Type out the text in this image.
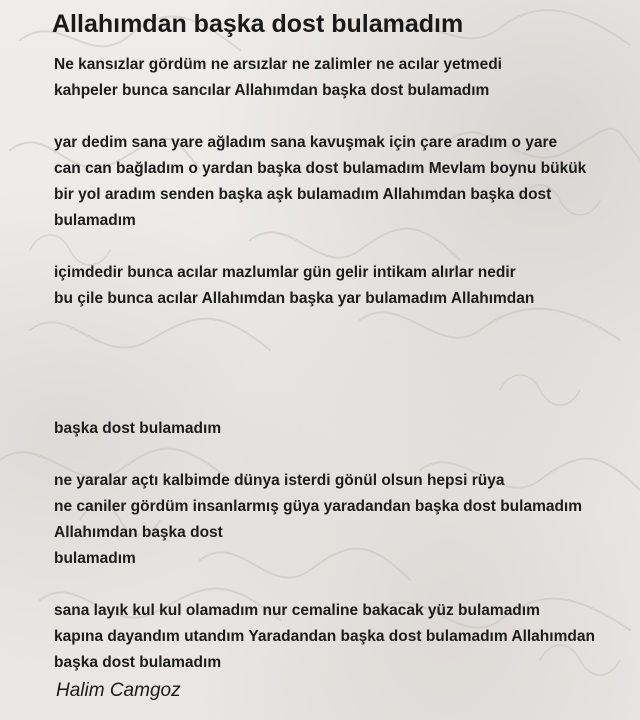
Allahımdan başka dost bulamadım
Ne kansızlar gördüm ne arsızlar ne zalimler ne acılar yetmedi
kahpeler bunca sancılar Allahımdan başka dost bulamadım
yar dedim sana yare ağladım sana kavuşmak için çare aradım o yare
can can bağladım o yardan başka dost bulamadım Mevlam boynu bükük
bir yol aradım senden başka aşk bulamadım Allahımdan başka dost
bulamadım
içimdedir bunca acılar mazlumlar gün gelir intikam alırlar nedir
bu çile bunca acılar Allahımdan başka yar bulamadım Allahımdan
başka dost bulamadım
ne yaralar açtı kalbimde dünya isterdi gönül olsun hepsi rüya
ne caniler gördüm insanlarmış güya yaradandan başka dost bulamadım
Allahımdan başka dost
bulamadım
sana layık kul kul olamadım nur cemaline bakacak yüz bulamadım
kapına dayandım utandım Yaradandan başka dost bulamadım Allahımdan
başka dost bulamadım
Halim Camgoz
